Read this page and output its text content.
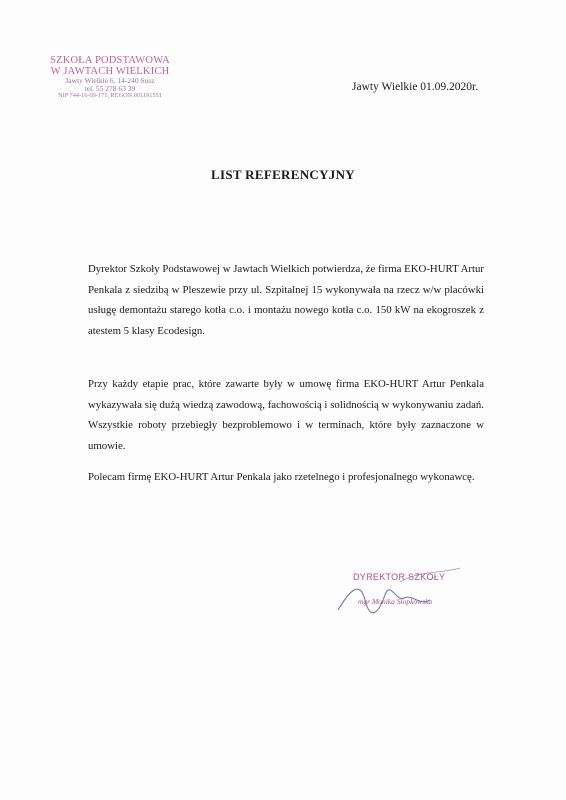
SZKOŁA PODSTAWOWA
W JAWTACH WIELKICH
Jawty Wielkie 6, 14-240 Susz
tel. 55 278 63 39
NIP 744-16-09-171, REGON 001191551
Jawty Wielkie 01.09.2020r.
LIST REFERENCYJNY
Dyrektor Szkoły Podstawowej w Jawtach Wielkich potwierdza, że firma EKO-HURT Artur Penkala z siedzibą w Pleszewie przy ul. Szpitalnej 15 wykonywała na rzecz w/w placówki usługę demontażu starego kotła c.o. i montażu nowego kotła c.o. 150 kW na ekogroszek z atestem 5 klasy Ecodesign.
Przy każdy etapie prac, które zawarte były w umowę firma EKO-HURT Artur Penkala wykazywała się dużą wiedzą zawodową, fachowością i solidnością w wykonywaniu zadań. Wszystkie roboty przebiegły bezproblemowo i w terminach, które były zaznaczone w umowie.
Polecam firmę EKO-HURT Artur Penkala jako rzetelnego i profesjonalnego wykonawcę.
DYREKTOR SZKOŁY
mgr Monika Słopkowska
